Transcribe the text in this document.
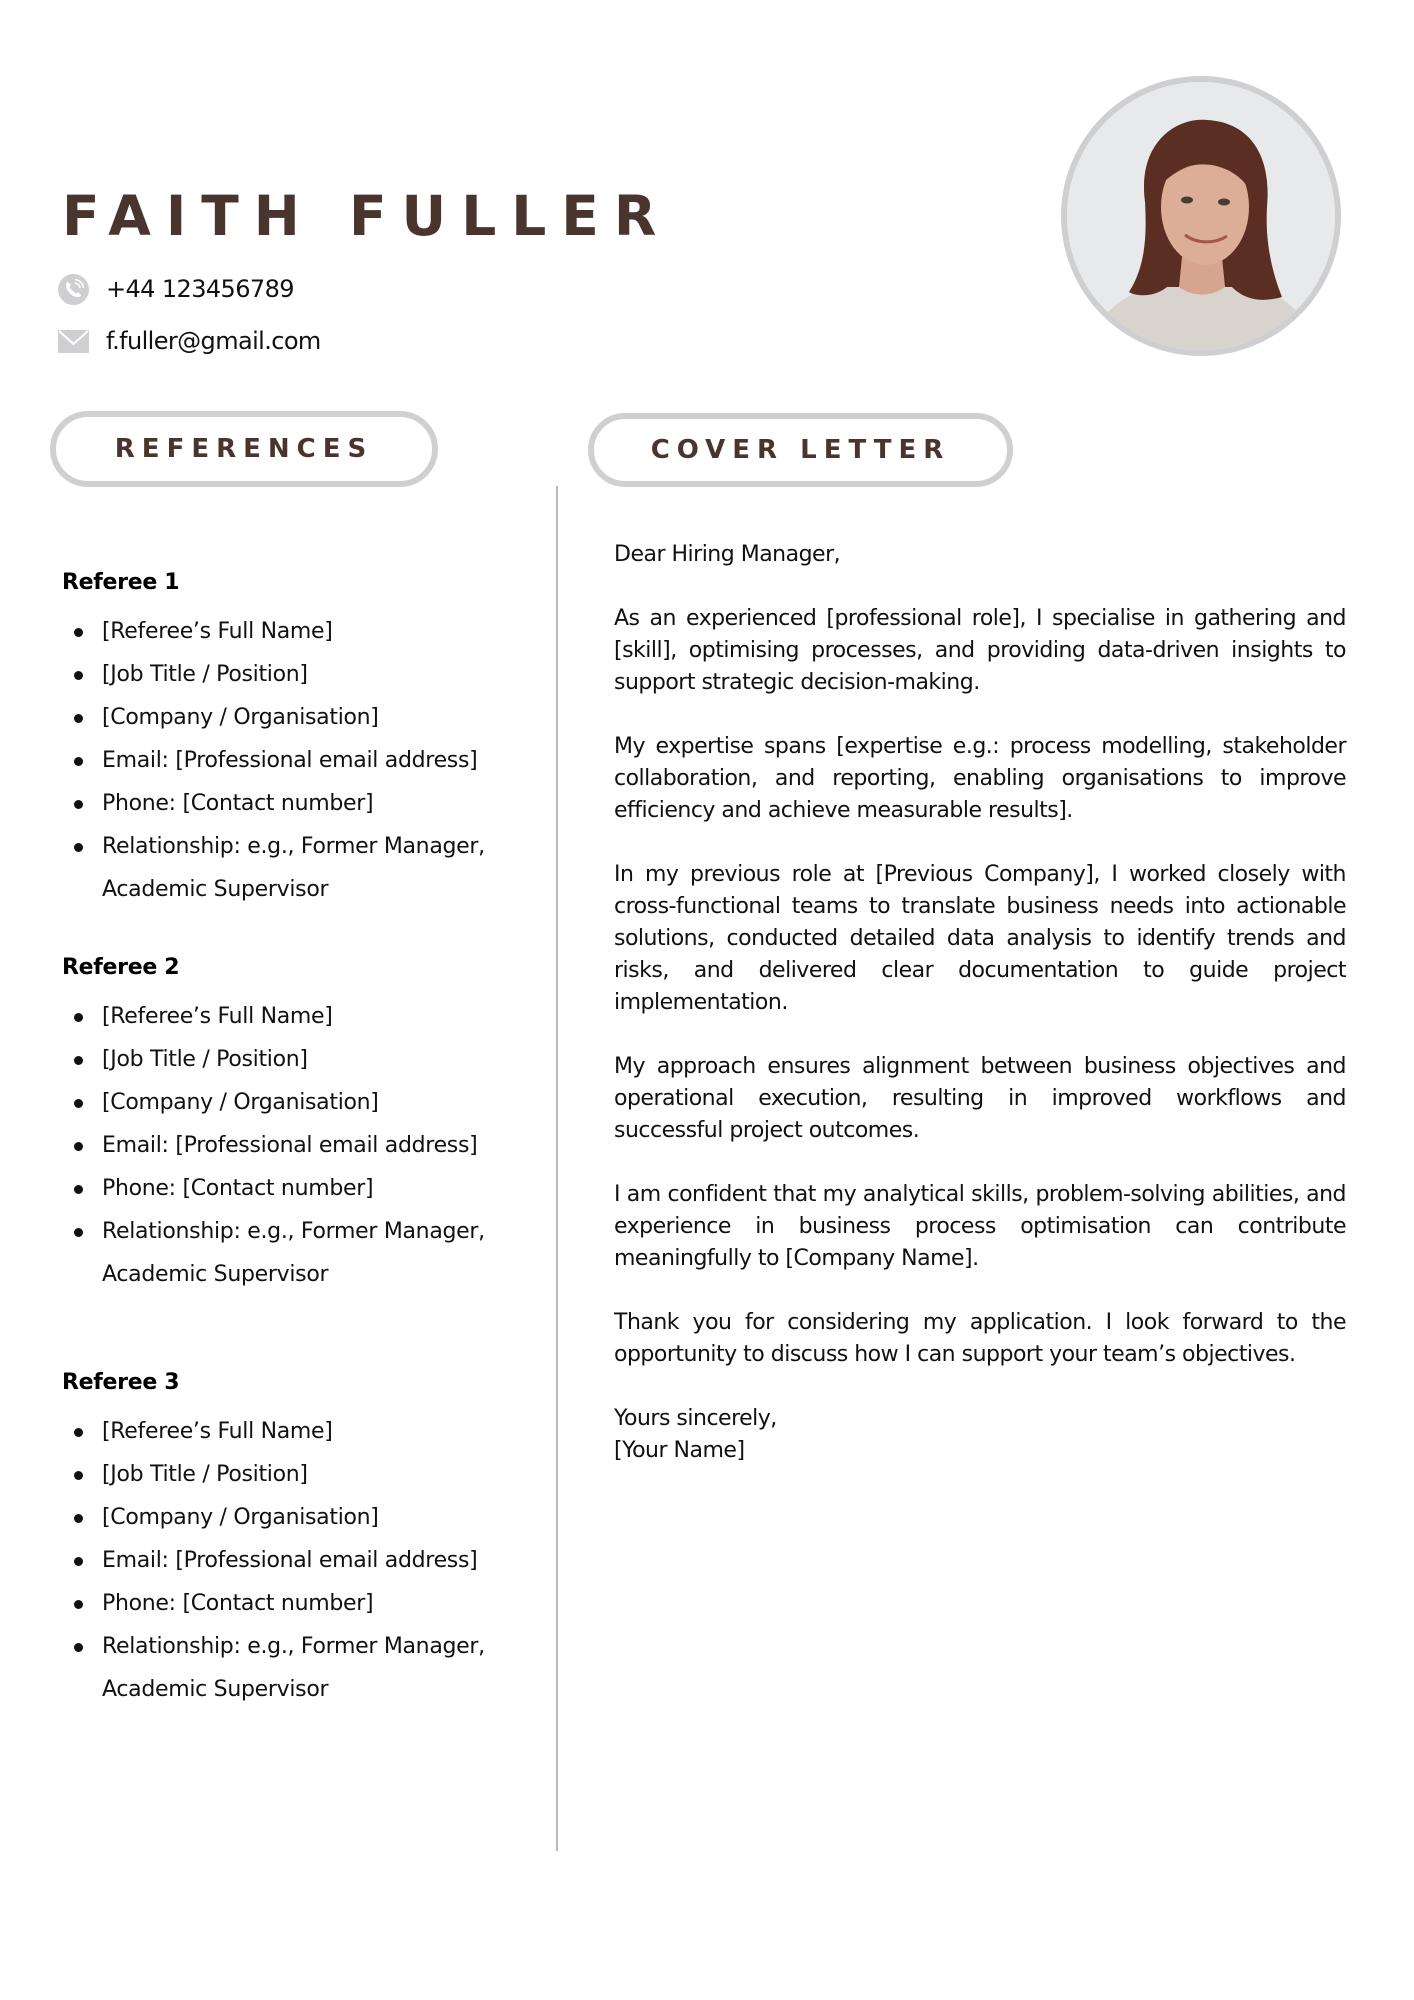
FAITH FULLER
+44 123456789
f.fuller@gmail.com
REFERENCES	COVER LETTER
Referee 1
[Referee’s Full Name]
[Job Title / Position]
[Company / Organisation]
Email: [Professional email address]
Phone: [Contact number]
Relationship: e.g., Former Manager, Academic Supervisor
Referee 2
[Referee’s Full Name]
[Job Title / Position]
[Company / Organisation]
Email: [Professional email address]
Phone: [Contact number]
Relationship: e.g., Former Manager, Academic Supervisor
Referee 3
[Referee’s Full Name]
[Job Title / Position]
[Company / Organisation]
Email: [Professional email address]
Phone: [Contact number]
Relationship: e.g., Former Manager, Academic Supervisor

Dear Hiring Manager,

As an experienced [professional role], I specialise in gathering and [skill], optimising processes, and providing data-driven insights to support strategic decision-making.

My expertise spans [expertise e.g.: process modelling, stakeholder collaboration, and reporting, enabling organisations to improve efficiency and achieve measurable results].

In my previous role at [Previous Company], I worked closely with cross-functional teams to translate business needs into actionable solutions, conducted detailed data analysis to identify trends and risks, and delivered clear documentation to guide project implementation.

My approach ensures alignment between business objectives and operational execution, resulting in improved workflows and successful project outcomes.

I am confident that my analytical skills, problem-solving abilities, and experience in business process optimisation can contribute meaningfully to [Company Name].

Thank you for considering my application. I look forward to the opportunity to discuss how I can support your team’s objectives.

Yours sincerely,

[Your Name]
